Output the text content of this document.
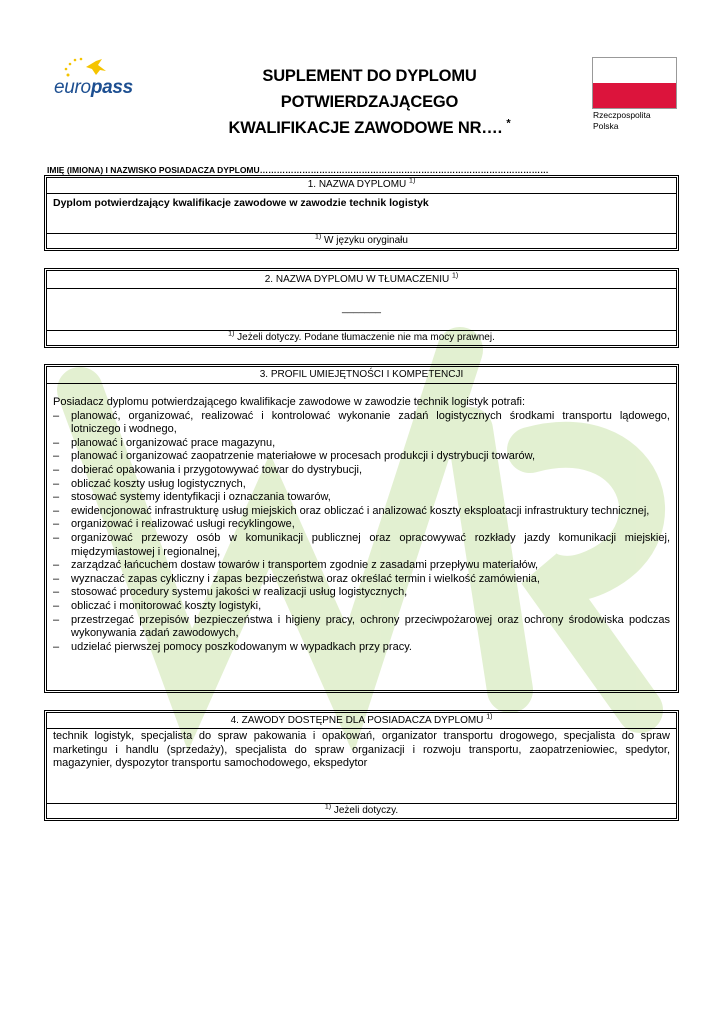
europass
SUPLEMENT DO DYPLOMU POTWIERDZAJĄCEGO
KWALIFIKACJE ZAWODOWE NR…. *
Rzeczpospolita
Polska
IMIĘ (IMIONA) I NAZWISKO POSIADACZA DYPLOMU…………………………………………………………………………………………
1. NAZWA DYPLOMU $^{1)}$
Dyplom potwierdzający kwalifikacje zawodowe w zawodzie technik logistyk
$^{1)}$ W języku oryginału
2. NAZWA DYPLOMU W TŁUMACZENIU $^{1)}$
_______
$^{1)}$ Jeżeli dotyczy. Podane tłumaczenie nie ma mocy prawnej.
3. PROFIL UMIEJĘTNOŚCI I KOMPETENCJI
Posiadacz dyplomu potwierdzającego kwalifikacje zawodowe w zawodzie technik logistyk potrafi:
– planować, organizować, realizować i kontrolować wykonanie zadań logistycznych środkami transportu lądowego, lotniczego i wodnego,
– planować i organizować prace magazynu,
– planować i organizować zaopatrzenie materiałowe w procesach produkcji i dystrybucji towarów,
– dobierać opakowania i przygotowywać towar do dystrybucji,
– obliczać koszty usług logistycznych,
– stosować systemy identyfikacji i oznaczania towarów,
– ewidencjonować infrastrukturę usług miejskich oraz obliczać i analizować koszty eksploatacji infrastruktury technicznej,
– organizować i realizować usługi recyklingowe,
– organizować przewozy osób w komunikacji publicznej oraz opracowywać rozkłady jazdy komunikacji miejskiej, międzymiastowej i regionalnej,
– zarządzać łańcuchem dostaw towarów i transportem zgodnie z zasadami przepływu materiałów,
– wyznaczać zapas cykliczny i zapas bezpieczeństwa oraz określać termin i wielkość zamówienia,
– stosować procedury systemu jakości w realizacji usług logistycznych,
– obliczać i monitorować koszty logistyki,
– przestrzegać przepisów bezpieczeństwa i higieny pracy, ochrony przeciwpożarowej oraz ochrony środowiska podczas wykonywania zadań zawodowych,
– udzielać pierwszej pomocy poszkodowanym w wypadkach przy pracy.
4. ZAWODY DOSTĘPNE DLA POSIADACZA DYPLOMU $^{1)}$
technik logistyk, specjalista do spraw pakowania i opakowań, organizator transportu drogowego, specjalista do spraw marketingu i handlu (sprzedaży), specjalista do spraw organizacji i rozwoju transportu, zaopatrzeniowiec, spedytor, magazynier, dyspozytor transportu samochodowego, ekspedytor
$^{1)}$ Jeżeli dotyczy.
